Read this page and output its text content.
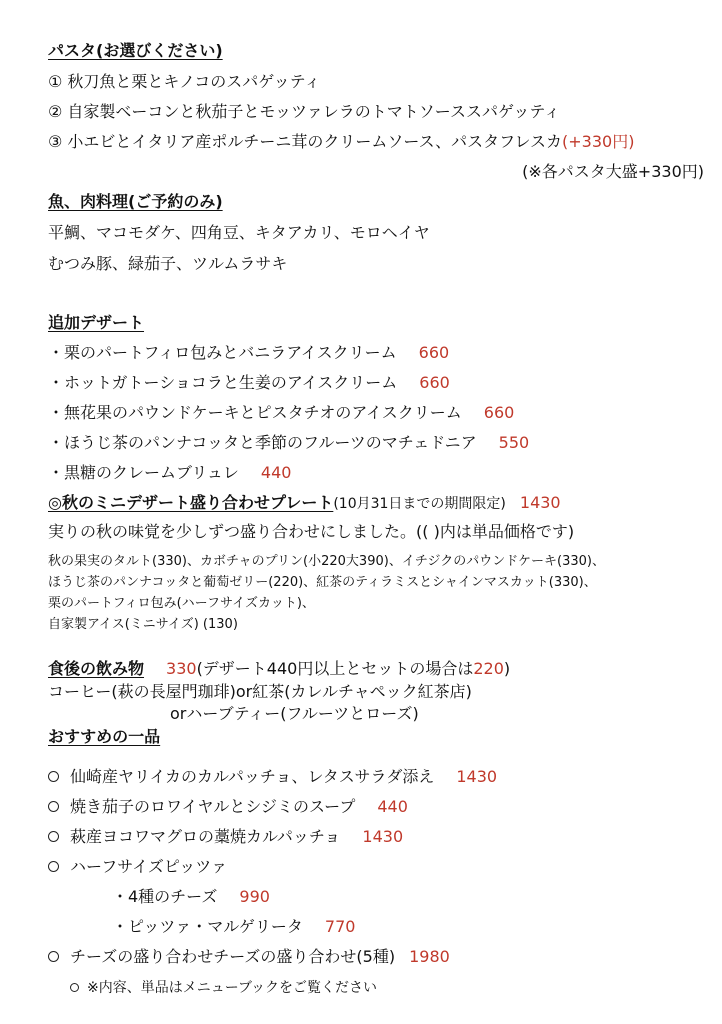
パスタ(お選びください)
① 秋刀魚と栗とキノコのスパゲッティ
② 自家製ベーコンと秋茄子とモッツァレラのトマトソーススパゲッティ
③ 小エビとイタリア産ポルチーニ茸のクリームソース、パスタフレスカ(+330円)
(※各パスタ大盛+330円)
魚、肉料理(ご予約のみ)
平鯛、マコモダケ、四角豆、キタアカリ、モロヘイヤ
むつみ豚、緑茄子、ツルムラサキ
追加デザート
・栗のパートフィロ包みとバニラアイスクリーム 660
・ホットガトーショコラと生姜のアイスクリーム 660
・無花果のパウンドケーキとピスタチオのアイスクリーム 660
・ほうじ茶のパンナコッタと季節のフルーツのマチェドニア 550
・黒糖のクレームブリュレ 440
◎秋のミニデザート盛り合わせプレート(10月31日までの期間限定) 1430
実りの秋の味覚を少しずつ盛り合わせにしました。(( )内は単品価格です)
秋の果実のタルト(330)、カボチャのプリン(小220大390)、イチジクのパウンドケーキ(330)、
ほうじ茶のパンナコッタと葡萄ゼリー(220)、紅茶のティラミスとシャインマスカット(330)、
栗のパートフィロ包み(ハーフサイズカット)、
自家製アイス(ミニサイズ) (130)
食後の飲み物 330(デザート440円以上とセットの場合は220)
コーヒー(萩の長屋門珈琲)or紅茶(カレルチャペック紅茶店)
orハーブティー(フルーツとローズ)
おすすめの一品
仙崎産ヤリイカのカルパッチョ、レタスサラダ添え 1430
焼き茄子のロワイヤルとシジミのスープ 440
萩産ヨコワマグロの藁焼カルパッチョ 1430
ハーフサイズピッツァ
・4種のチーズ 990
・ピッツァ・マルゲリータ 770
チーズの盛り合わせチーズの盛り合わせ(5種) 1980
※内容、単品はメニューブックをご覧ください
